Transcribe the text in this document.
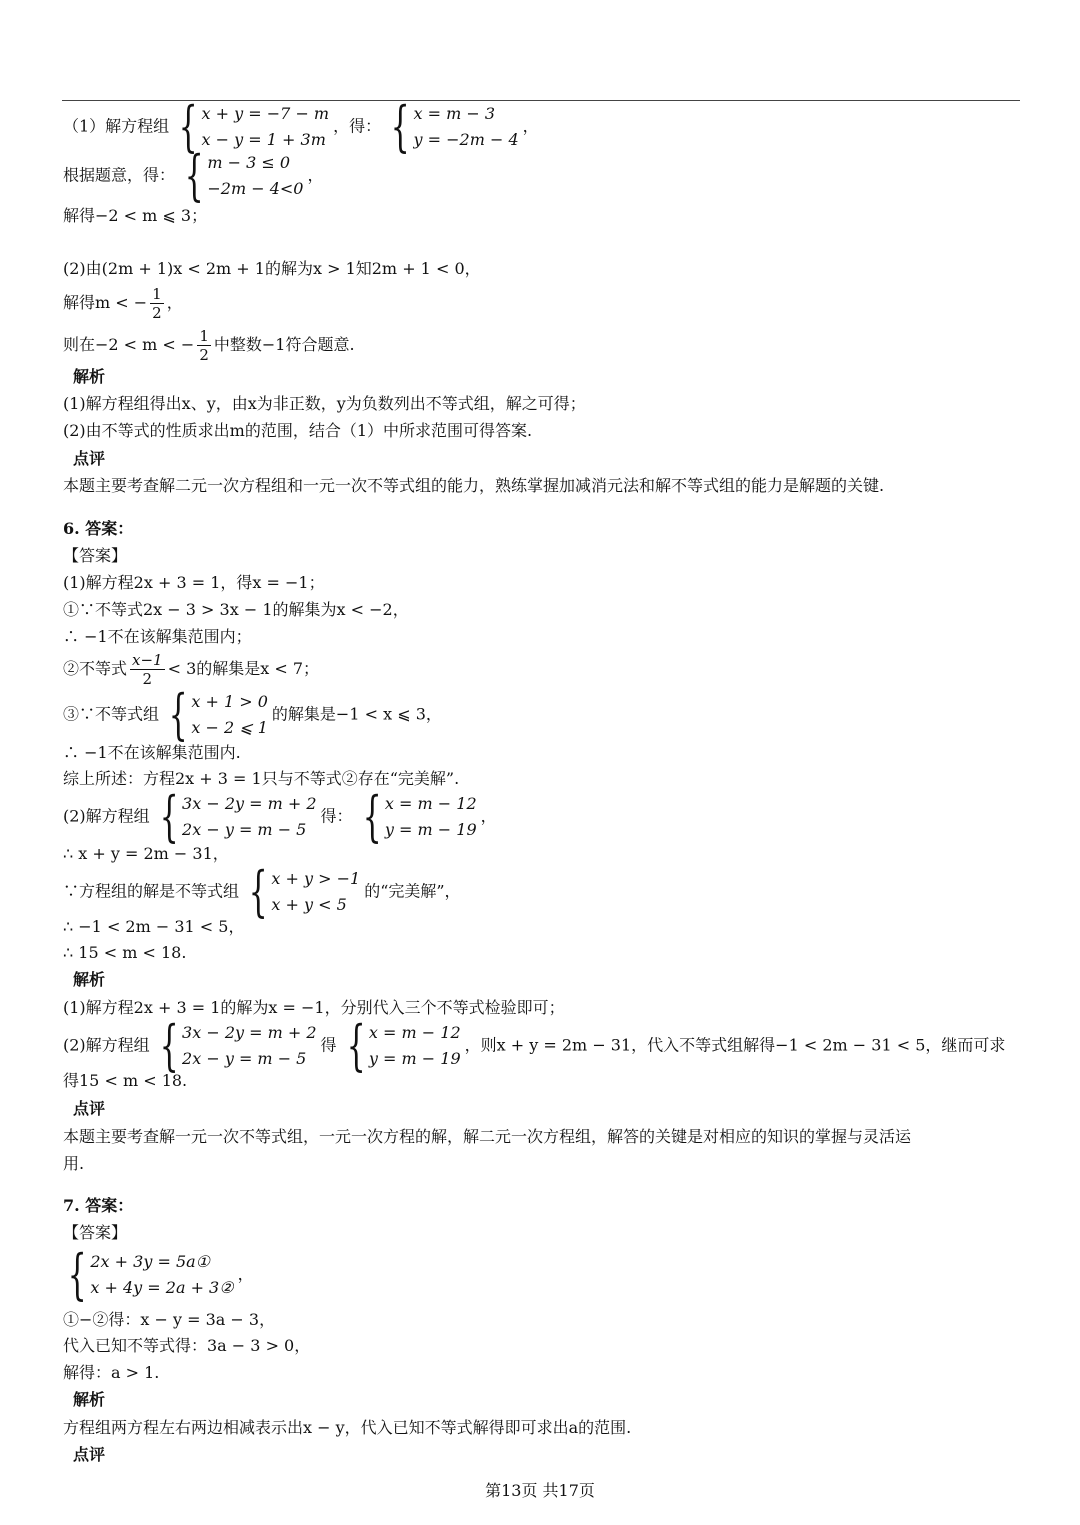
（1）解方程组 { x + y = −7 − m
x − y = 1 + 3m
，得： { x = m − 3
y = −2m − 4
，
根据题意，得： { m − 3 ≤ 0
−2m − 4<0
，
解得−2 < m ⩽ 3；
(2)由(2m + 1)x < 2m + 1的解为x > 1知2m + 1 < 0，
解得m < − $\frac{1}{2}$ ，
则在−2 < m < − $\frac{1}{2}$ 中整数−1符合题意.
解析
(1)解方程组得出x、y，由x为非正数，y为负数列出不等式组，解之可得；
(2)由不等式的性质求出m的范围，结合（1）中所求范围可得答案.
点评
本题主要考查解二元一次方程组和一元一次不等式组的能力，熟练掌握加减消元法和解不等式组的能力是解题的关键.
6. 答案：
【答案】
(1)解方程2x + 3 = 1，得x = −1；
①∵不等式2x − 3 > 3x − 1的解集为x < −2，
∴ −1不在该解集范围内；
②不等式 $\frac{x-1}{2} < 3$的解集是x < 7；
③∵不等式组 { x + 1 > 0
x − 2 ⩽ 1
的解集是−1 < x ⩽ 3，
∴ −1不在该解集范围内.
综上所述：方程2x + 3 = 1只与不等式②存在“完美解”.
(2)解方程组 { 3x − 2y = m + 2
2x − y = m − 5
得： { x = m − 12
y = m − 19
，
∴ x + y = 2m − 31，
∵方程组的解是不等式组 { x + y > −1
x + y < 5
的“完美解”，
∴ −1 < 2m − 31 < 5，
∴ 15 < m < 18.
解析
(1)解方程2x + 3 = 1的解为x = −1，分别代入三个不等式检验即可；
(2)解方程组 { 3x − 2y = m + 2
2x − y = m − 5
得 { x = m − 12
y = m − 19
，则x + y = 2m − 31，代入不等式组解得−1 < 2m − 31 < 5，继而可求
得15 < m < 18.
点评
本题主要考查解一元一次不等式组，一元一次方程的解，解二元一次方程组，解答的关键是对相应的知识的掌握与灵活运
用.
7. 答案：
【答案】
{ 2x + 3y = 5a①
x + 4y = 2a + 3②
，
①−②得：x − y = 3a − 3，
代入已知不等式得：3a − 3 > 0，
解得：a > 1.
解析
方程组两方程左右两边相减表示出x − y，代入已知不等式解得即可求出a的范围.
点评
第13页 共17页
